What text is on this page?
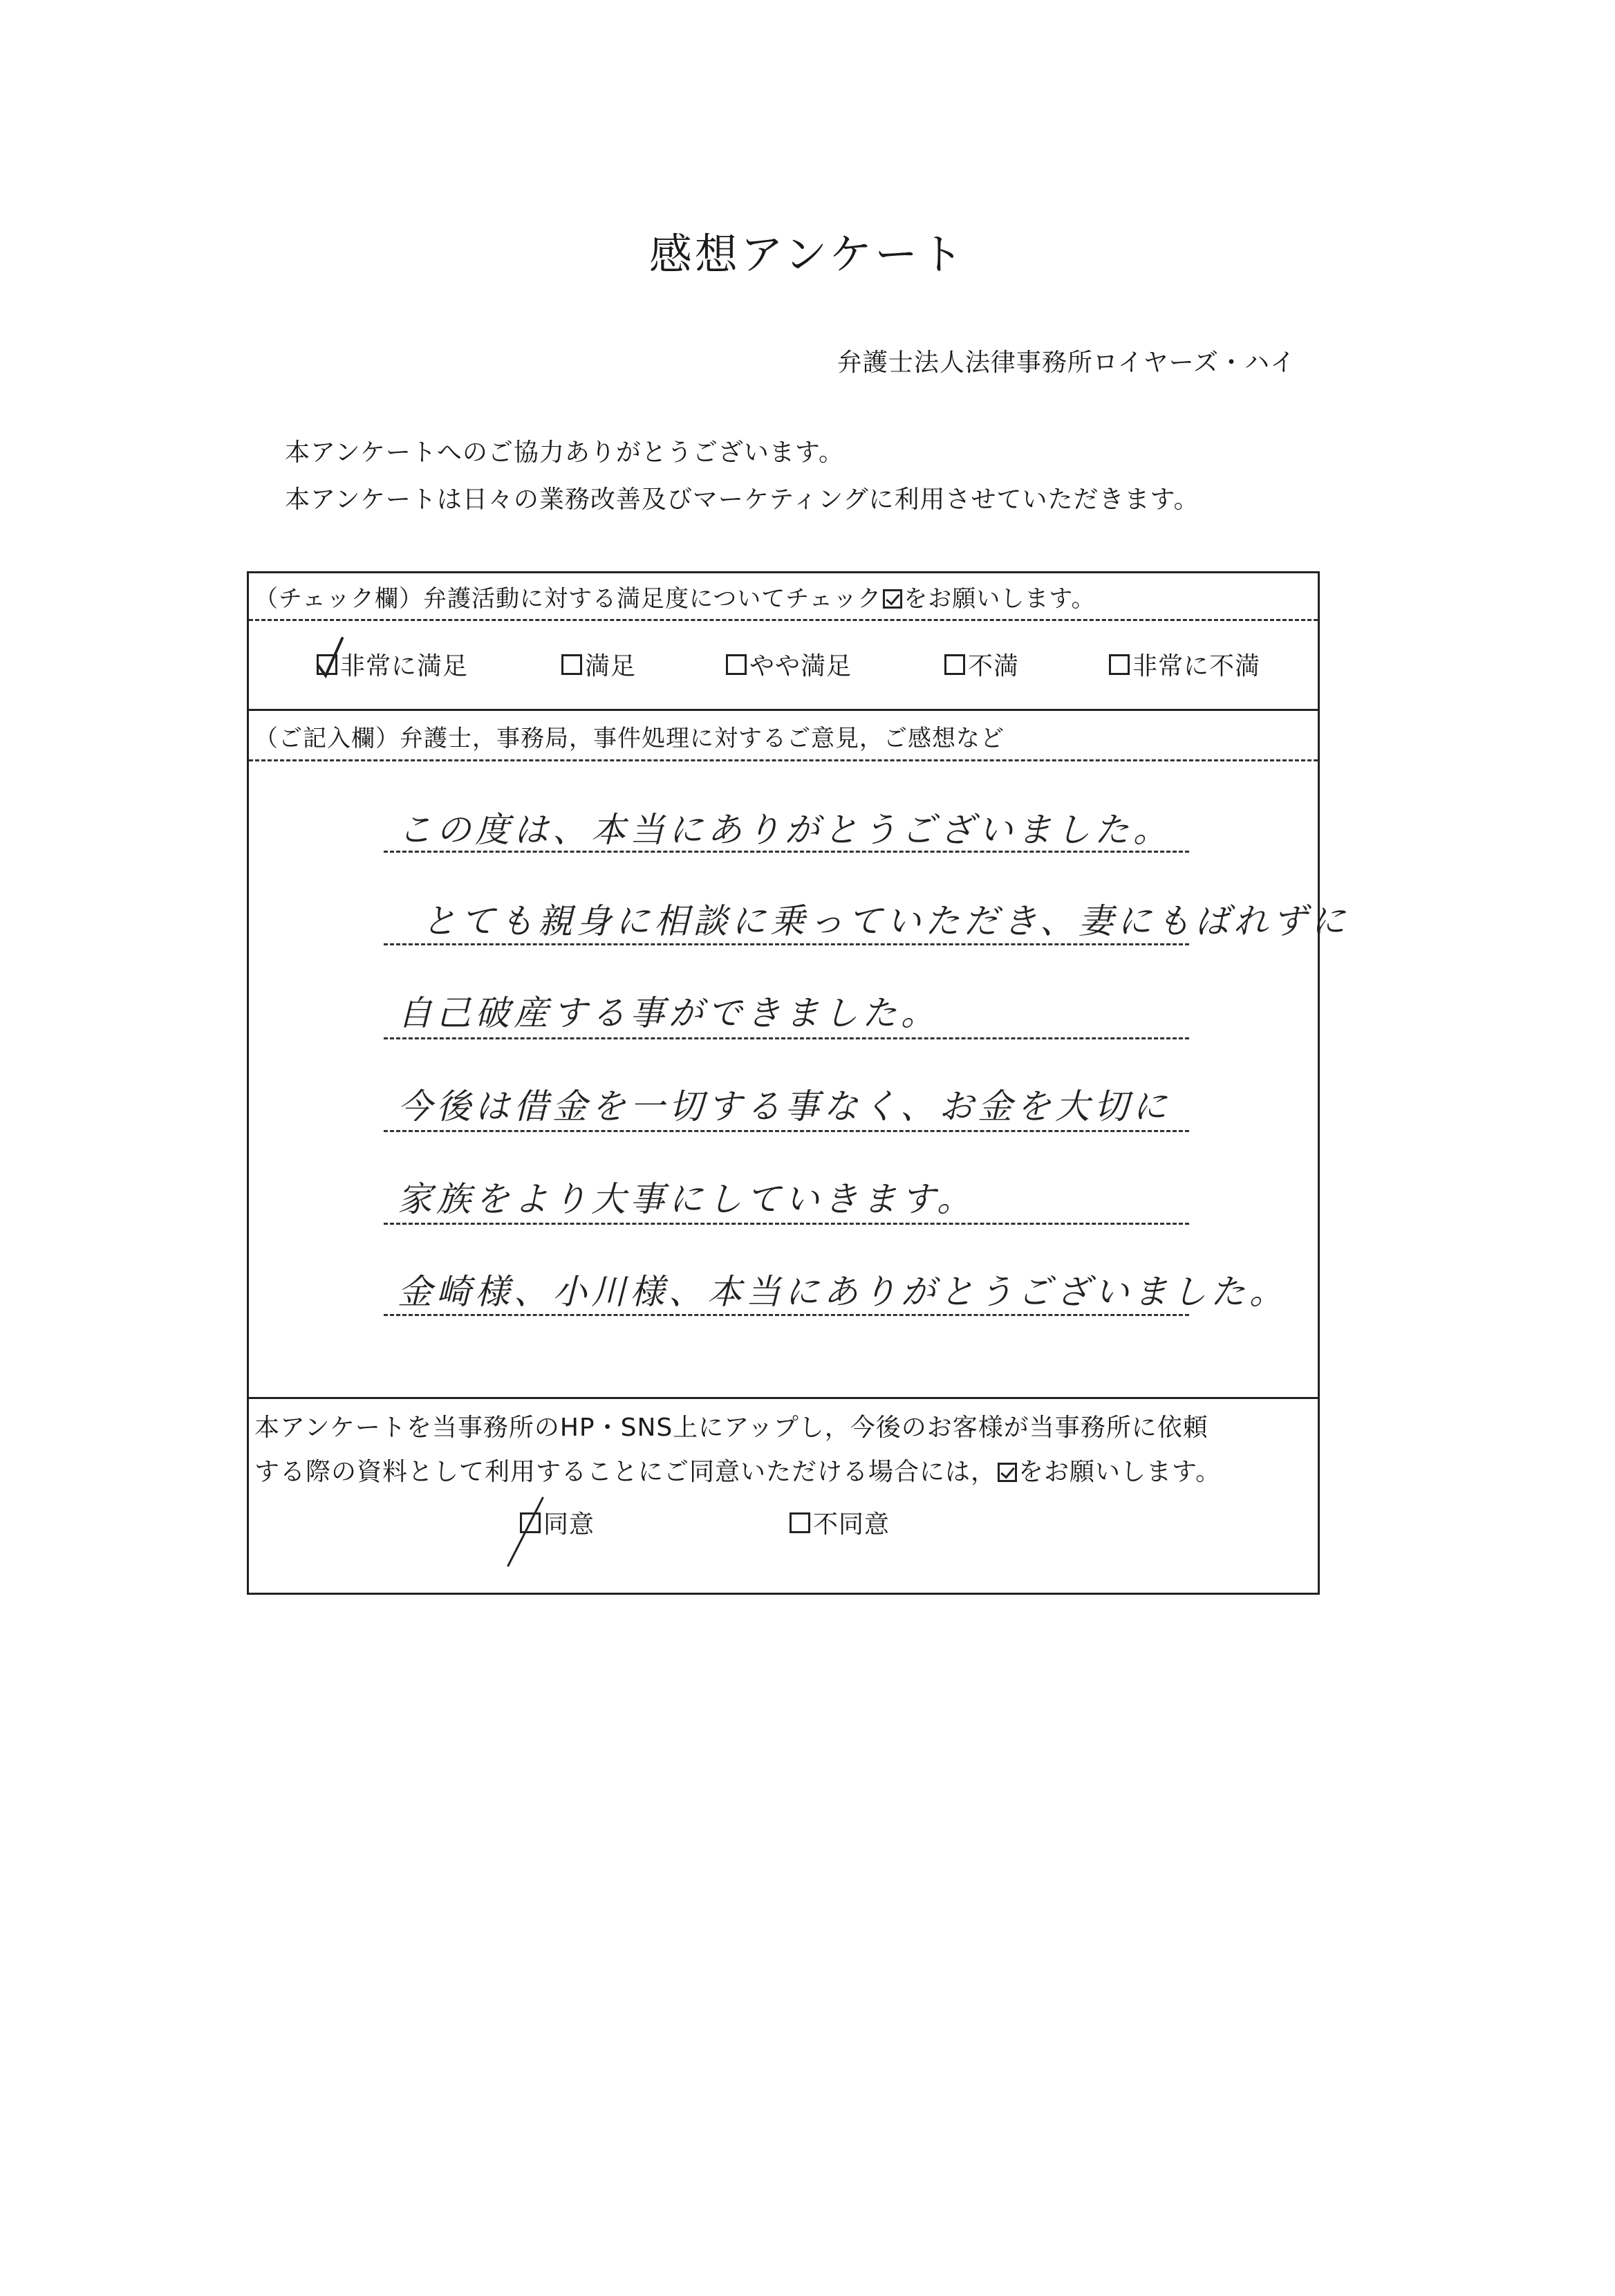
感想アンケート
弁護士法人法律事務所ロイヤーズ・ハイ
本アンケートへのご協力ありがとうございます。
本アンケートは日々の業務改善及びマーケティングに利用させていただきます。
（チェック欄）弁護活動に対する満足度についてチェック をお願いします。
非常に満足	満足	やや満足	不満	非常に不満
（ご記入欄）弁護士，事務局，事件処理に対するご意見，ご感想など
この度は、本当にありがとうございました。
とても親身に相談に乗っていただき、妻にもばれずに
自己破産する事ができました。
今後は借金を一切する事なく、お金を大切に
家族をより大事にしていきます。
金崎様、小川様、本当にありがとうございました。
本アンケートを当事務所のHP・SNS上にアップし，今後のお客様が当事務所に依頼
する際の資料として利用することにご同意いただける場合には， をお願いします。
同意	不同意
